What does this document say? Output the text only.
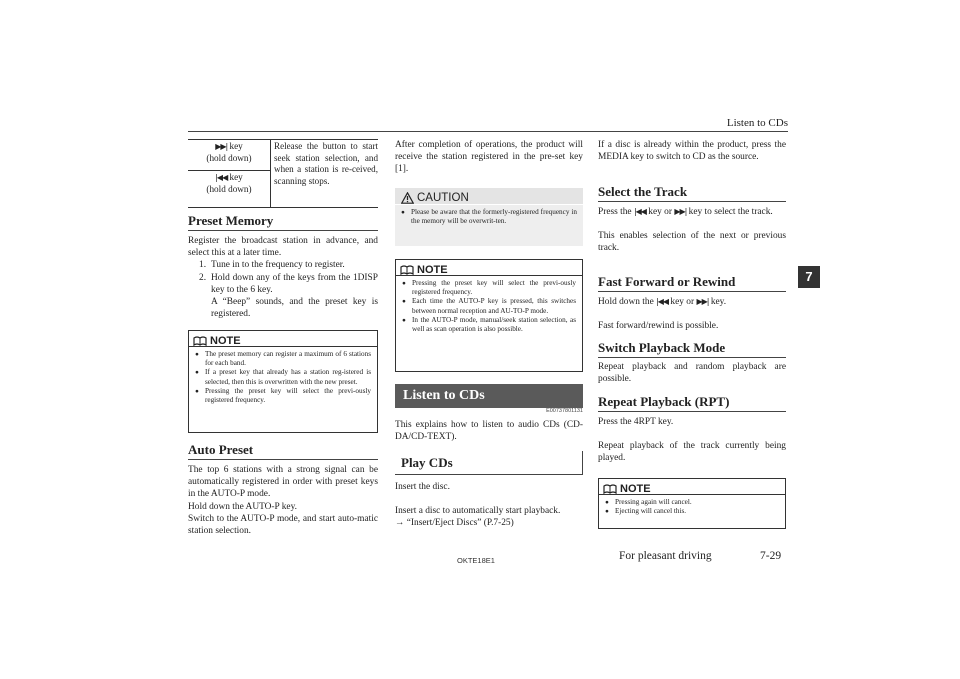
Listen to CDs
7
OKTE18E1	For pleasant driving	7-29
▶▶| key
(hold down)	Release the button to start seek station selection, and when a station is re-ceived, scanning stops.
|◀◀ key
(hold down)
Preset Memory
Register the broadcast station in advance, and select this at a later time.
1. Tune in to the frequency to register.
2. Hold down any of the keys from the 1DISP key to the 6 key.
A “Beep” sounds, and the preset key is registered.
NOTE
● The preset memory can register a maximum of 6 stations for each band.
● If a preset key that already has a station reg-istered is selected, then this is overwritten with the new preset.
● Pressing the preset key will select the previ-ously registered frequency.
Auto Preset
The top 6 stations with a strong signal can be automatically registered in order with preset keys in the AUTO-P mode.
Hold down the AUTO-P key.
Switch to the AUTO-P mode, and start auto-matic station selection.
After completion of operations, the product will receive the station registered in the pre-set key [1].
CAUTION
● Please be aware that the formerly-registered frequency in the memory will be overwrit-ten.
NOTE
● Pressing the preset key will select the previ-ously registered frequency.
● Each time the AUTO-P key is pressed, this switches between normal reception and AU-TO-P mode.
● In the AUTO-P mode, manual/seek station selection, as well as scan operation is also possible.
Listen to CDs
E00737801131
This explains how to listen to audio CDs (CD-DA/CD-TEXT).
Play CDs
Insert the disc.
Insert a disc to automatically start playback.
→ “Insert/Eject Discs” (P.7-25)
If a disc is already within the product, press the MEDIA key to switch to CD as the source.
Select the Track
Press the |◀◀ key or ▶▶| key to select the track.
This enables selection of the next or previous track.
Fast Forward or Rewind
Hold down the |◀◀ key or ▶▶| key.
Fast forward/rewind is possible.
Switch Playback Mode
Repeat playback and random playback are possible.
Repeat Playback (RPT)
Press the 4RPT key.
Repeat playback of the track currently being played.
NOTE
● Pressing again will cancel.
● Ejecting will cancel this.
